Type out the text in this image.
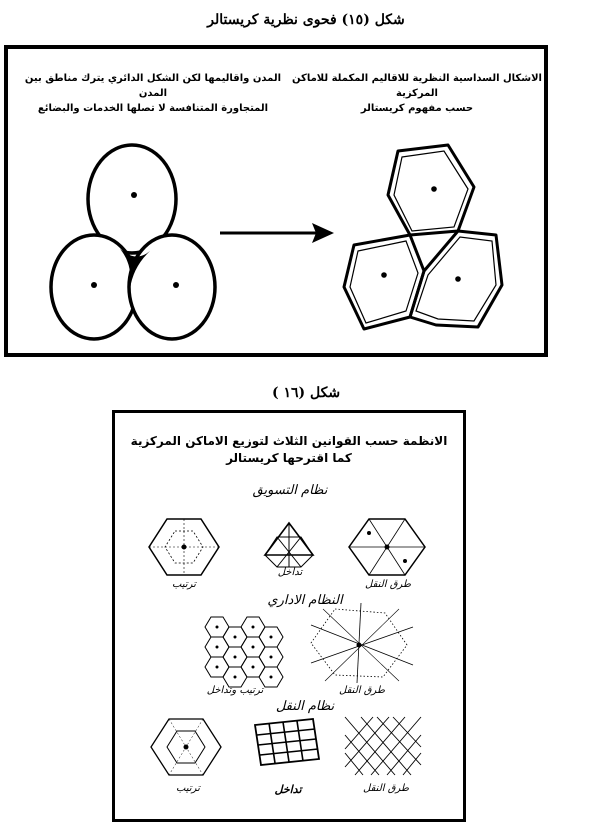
شكل (١٥) فحوى نظرية كريستالر
الاشكال السداسية النظرية للاقاليم المكملة للاماكن المركزية
حسب مفهوم كريستالر
المدن واقاليمها لكن الشكل الدائري يترك مناطق بين المدن
المتجاورة المتنافسة لا تصلها الخدمات والبضائع
شكل (١٦ )
الانظمة حسب القوانين الثلاث لتوزيع الاماكن المركزية
كما اقترحها كريستالر
نظام التسويق
طرق النقل
تداخل
ترتيب
النظام الاداري
طرق النقل
ترتيب وتداخل
نظام النقل
طرق النقل
تداخل
ترتيب
